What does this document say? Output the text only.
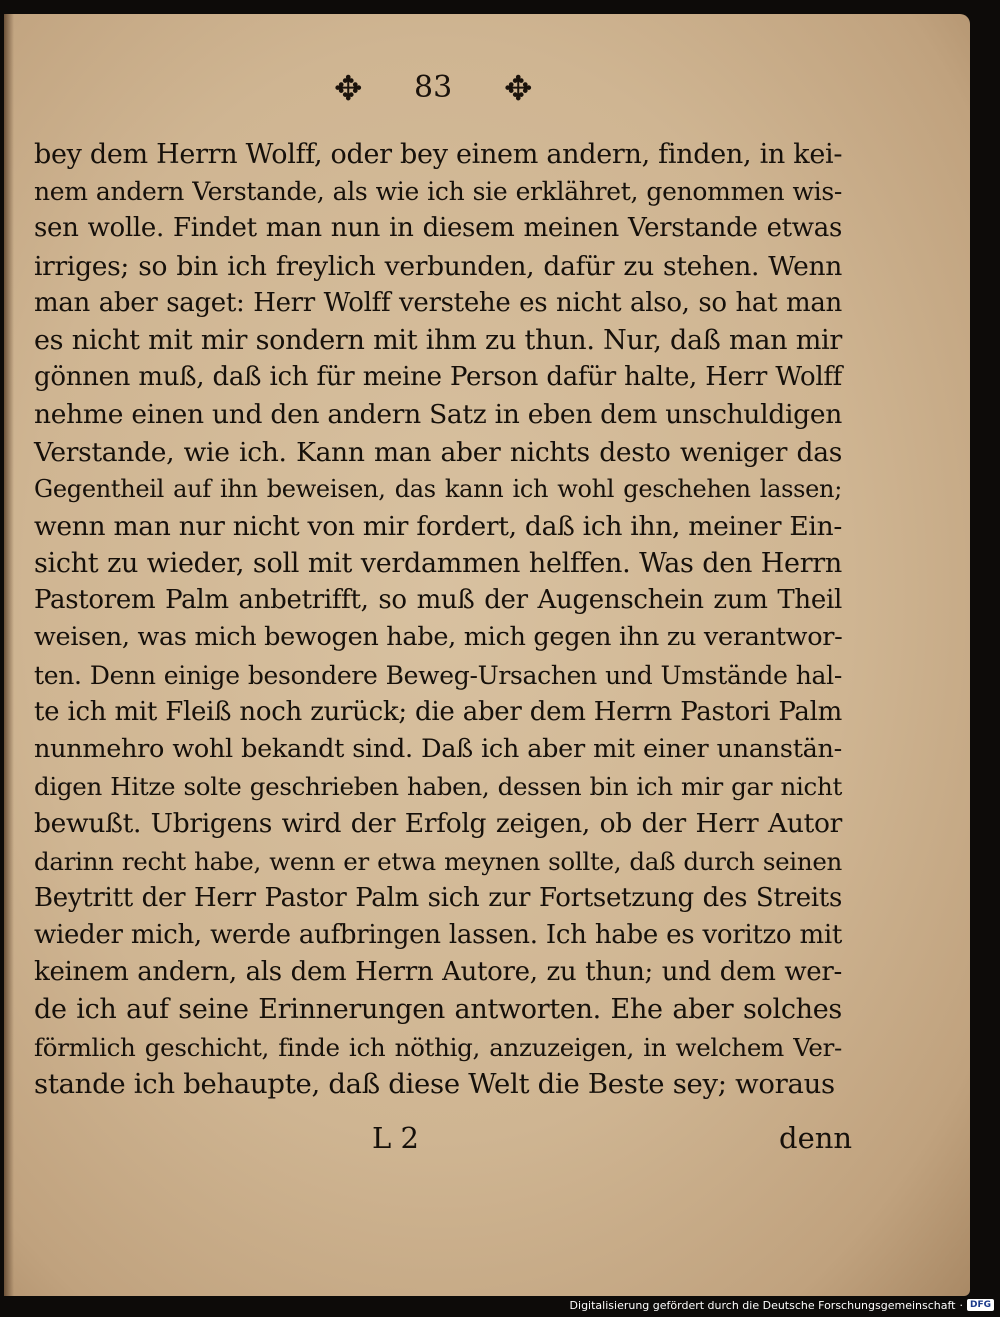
✥ 83 ✥
bey dem Herrn Wolff, oder bey einem andern, finden, in kei-
nem andern Verstande, als wie ich sie erklähret, genommen wis-
sen wolle. Findet man nun in diesem meinen Verstande etwas
irriges; so bin ich freylich verbunden, dafür zu stehen. Wenn
man aber saget: Herr Wolff verstehe es nicht also, so hat man
es nicht mit mir sondern mit ihm zu thun. Nur, daß man mir
gönnen muß, daß ich für meine Person dafür halte, Herr Wolff
nehme einen und den andern Satz in eben dem unschuldigen
Verstande, wie ich. Kann man aber nichts desto weniger das
Gegentheil auf ihn beweisen, das kann ich wohl geschehen lassen;
wenn man nur nicht von mir fordert, daß ich ihn, meiner Ein-
sicht zu wieder, soll mit verdammen helffen. Was den Herrn
Pastorem Palm anbetrifft, so muß der Augenschein zum Theil
weisen, was mich bewogen habe, mich gegen ihn zu verantwor-
ten. Denn einige besondere Beweg-Ursachen und Umstände hal-
te ich mit Fleiß noch zurück; die aber dem Herrn Pastori Palm
nunmehro wohl bekandt sind. Daß ich aber mit einer unanstän-
digen Hitze solte geschrieben haben, dessen bin ich mir gar nicht
bewußt. Ubrigens wird der Erfolg zeigen, ob der Herr Autor
darinn recht habe, wenn er etwa meynen sollte, daß durch seinen
Beytritt der Herr Pastor Palm sich zur Fortsetzung des Streits
wieder mich, werde aufbringen lassen. Ich habe es voritzo mit
keinem andern, als dem Herrn Autore, zu thun; und dem wer-
de ich auf seine Erinnerungen antworten. Ehe aber solches
förmlich geschicht, finde ich nöthig, anzuzeigen, in welchem Ver-
stande ich behaupte, daß diese Welt die Beste sey; woraus
L 2	denn
Digitalisierung gefördert durch die Deutsche Forschungsgemeinschaft · DFG
